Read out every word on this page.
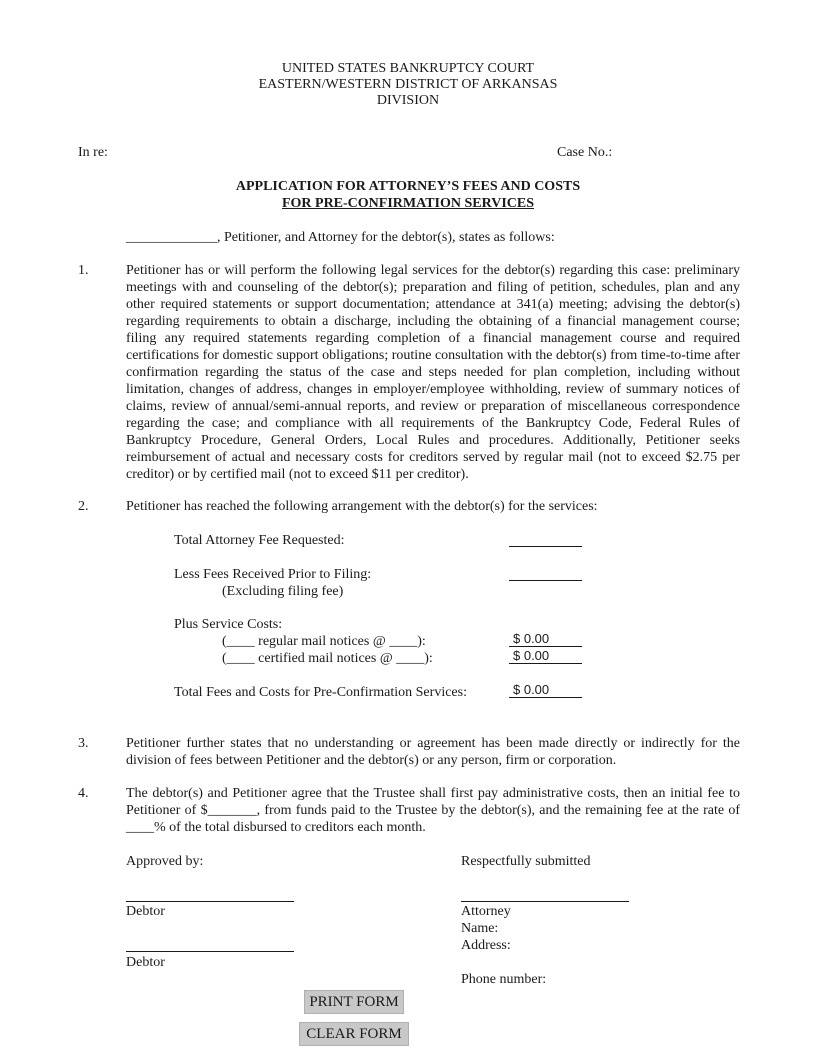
UNITED STATES BANKRUPTCY COURT
EASTERN/WESTERN DISTRICT OF ARKANSAS
DIVISION
In re:	Case No.:
APPLICATION FOR ATTORNEY’S FEES AND COSTS
FOR PRE-CONFIRMATION SERVICES
_____________, Petitioner, and Attorney for the debtor(s), states as follows:
1.	Petitioner has or will perform the following legal services for the debtor(s) regarding this case: preliminary meetings with and counseling of the debtor(s); preparation and filing of petition, schedules, plan and any other required statements or support documentation; attendance at 341(a) meeting; advising the debtor(s) regarding requirements to obtain a discharge, including the obtaining of a financial management course; filing any required statements regarding completion of a financial management course and required certifications for domestic support obligations; routine consultation with the debtor(s) from time-to-time after confirmation regarding the status of the case and steps needed for plan completion, including without limitation, changes of address, changes in employer/employee withholding, review of summary notices of claims, review of annual/semi-annual reports, and review or preparation of miscellaneous correspondence regarding the case; and compliance with all requirements of the Bankruptcy Code, Federal Rules of Bankruptcy Procedure, General Orders, Local Rules and procedures. Additionally, Petitioner seeks reimbursement of actual and necessary costs for creditors served by regular mail (not to exceed $2.75 per creditor) or by certified mail (not to exceed $11 per creditor).
2.	Petitioner has reached the following arrangement with the debtor(s) for the services:
Total Attorney Fee Requested:
Less Fees Received Prior to Filing:
(Excluding filing fee)
Plus Service Costs:
(____ regular mail notices @ ____):	$ 0.00
(____ certified mail notices @ ____):	$ 0.00
Total Fees and Costs for Pre-Confirmation Services:	$ 0.00
3.	Petitioner further states that no understanding or agreement has been made directly or indirectly for the division of fees between Petitioner and the debtor(s) or any person, firm or corporation.
4.	The debtor(s) and Petitioner agree that the Trustee shall first pay administrative costs, then an initial fee to Petitioner of $_______, from funds paid to the Trustee by the debtor(s), and the remaining fee at the rate of ____% of the total disbursed to creditors each month.
Approved by:	Respectfully submitted
Debtor	Attorney
Name:
Address:
Debtor
Phone number:
PRINT FORM
CLEAR FORM
